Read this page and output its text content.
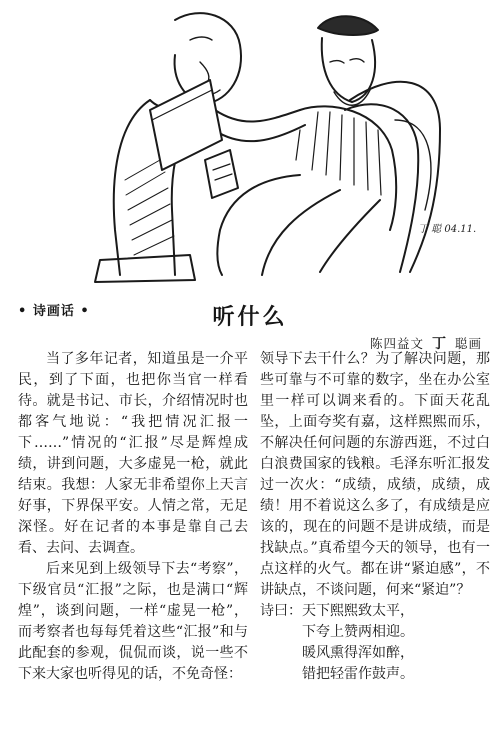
丁 聪 04.11.
• 诗画话 •	听什么
陈四益文 丁 聪画

当了多年记者，知道虽是一介平民，到了下面，也把你当官一样看待。就是书记、市长，介绍情况时也都客气地说：“我把情况汇报一下……”情况的“汇报”尽是辉煌成绩，讲到问题，大多虚晃一枪，就此结束。我想：人家无非希望你上天言好事，下界保平安。人情之常，无足深怪。好在记者的本事是靠自己去看、去问、去调查。

后来见到上级领导下去“考察”，下级官员“汇报”之际，也是满口“辉煌”，谈到问题，一样“虚晃一枪”，而考察者也每每凭着这些“汇报”和与此配套的参观，侃侃而谈，说一些不下来大家也听得见的话，不免奇怪：

领导下去干什么？为了解决问题，那些可靠与不可靠的数字，坐在办公室里一样可以调来看的。下面天花乱坠，上面夸奖有嘉，这样熙熙而乐，不解决任何问题的东游西逛，不过白白浪费国家的钱粮。毛泽东听汇报发过一次火：“成绩，成绩，成绩，成绩！用不着说这么多了，有成绩是应该的，现在的问题不是讲成绩，而是找缺点。”真希望今天的领导，也有一点这样的火气。都在讲“紧迫感”，不讲缺点，不谈问题，何来“紧迫”？

诗曰： 天下熙熙致太平，
下夸上赞两相迎。
暖风熏得浑如醉，
错把轻雷作鼓声。
